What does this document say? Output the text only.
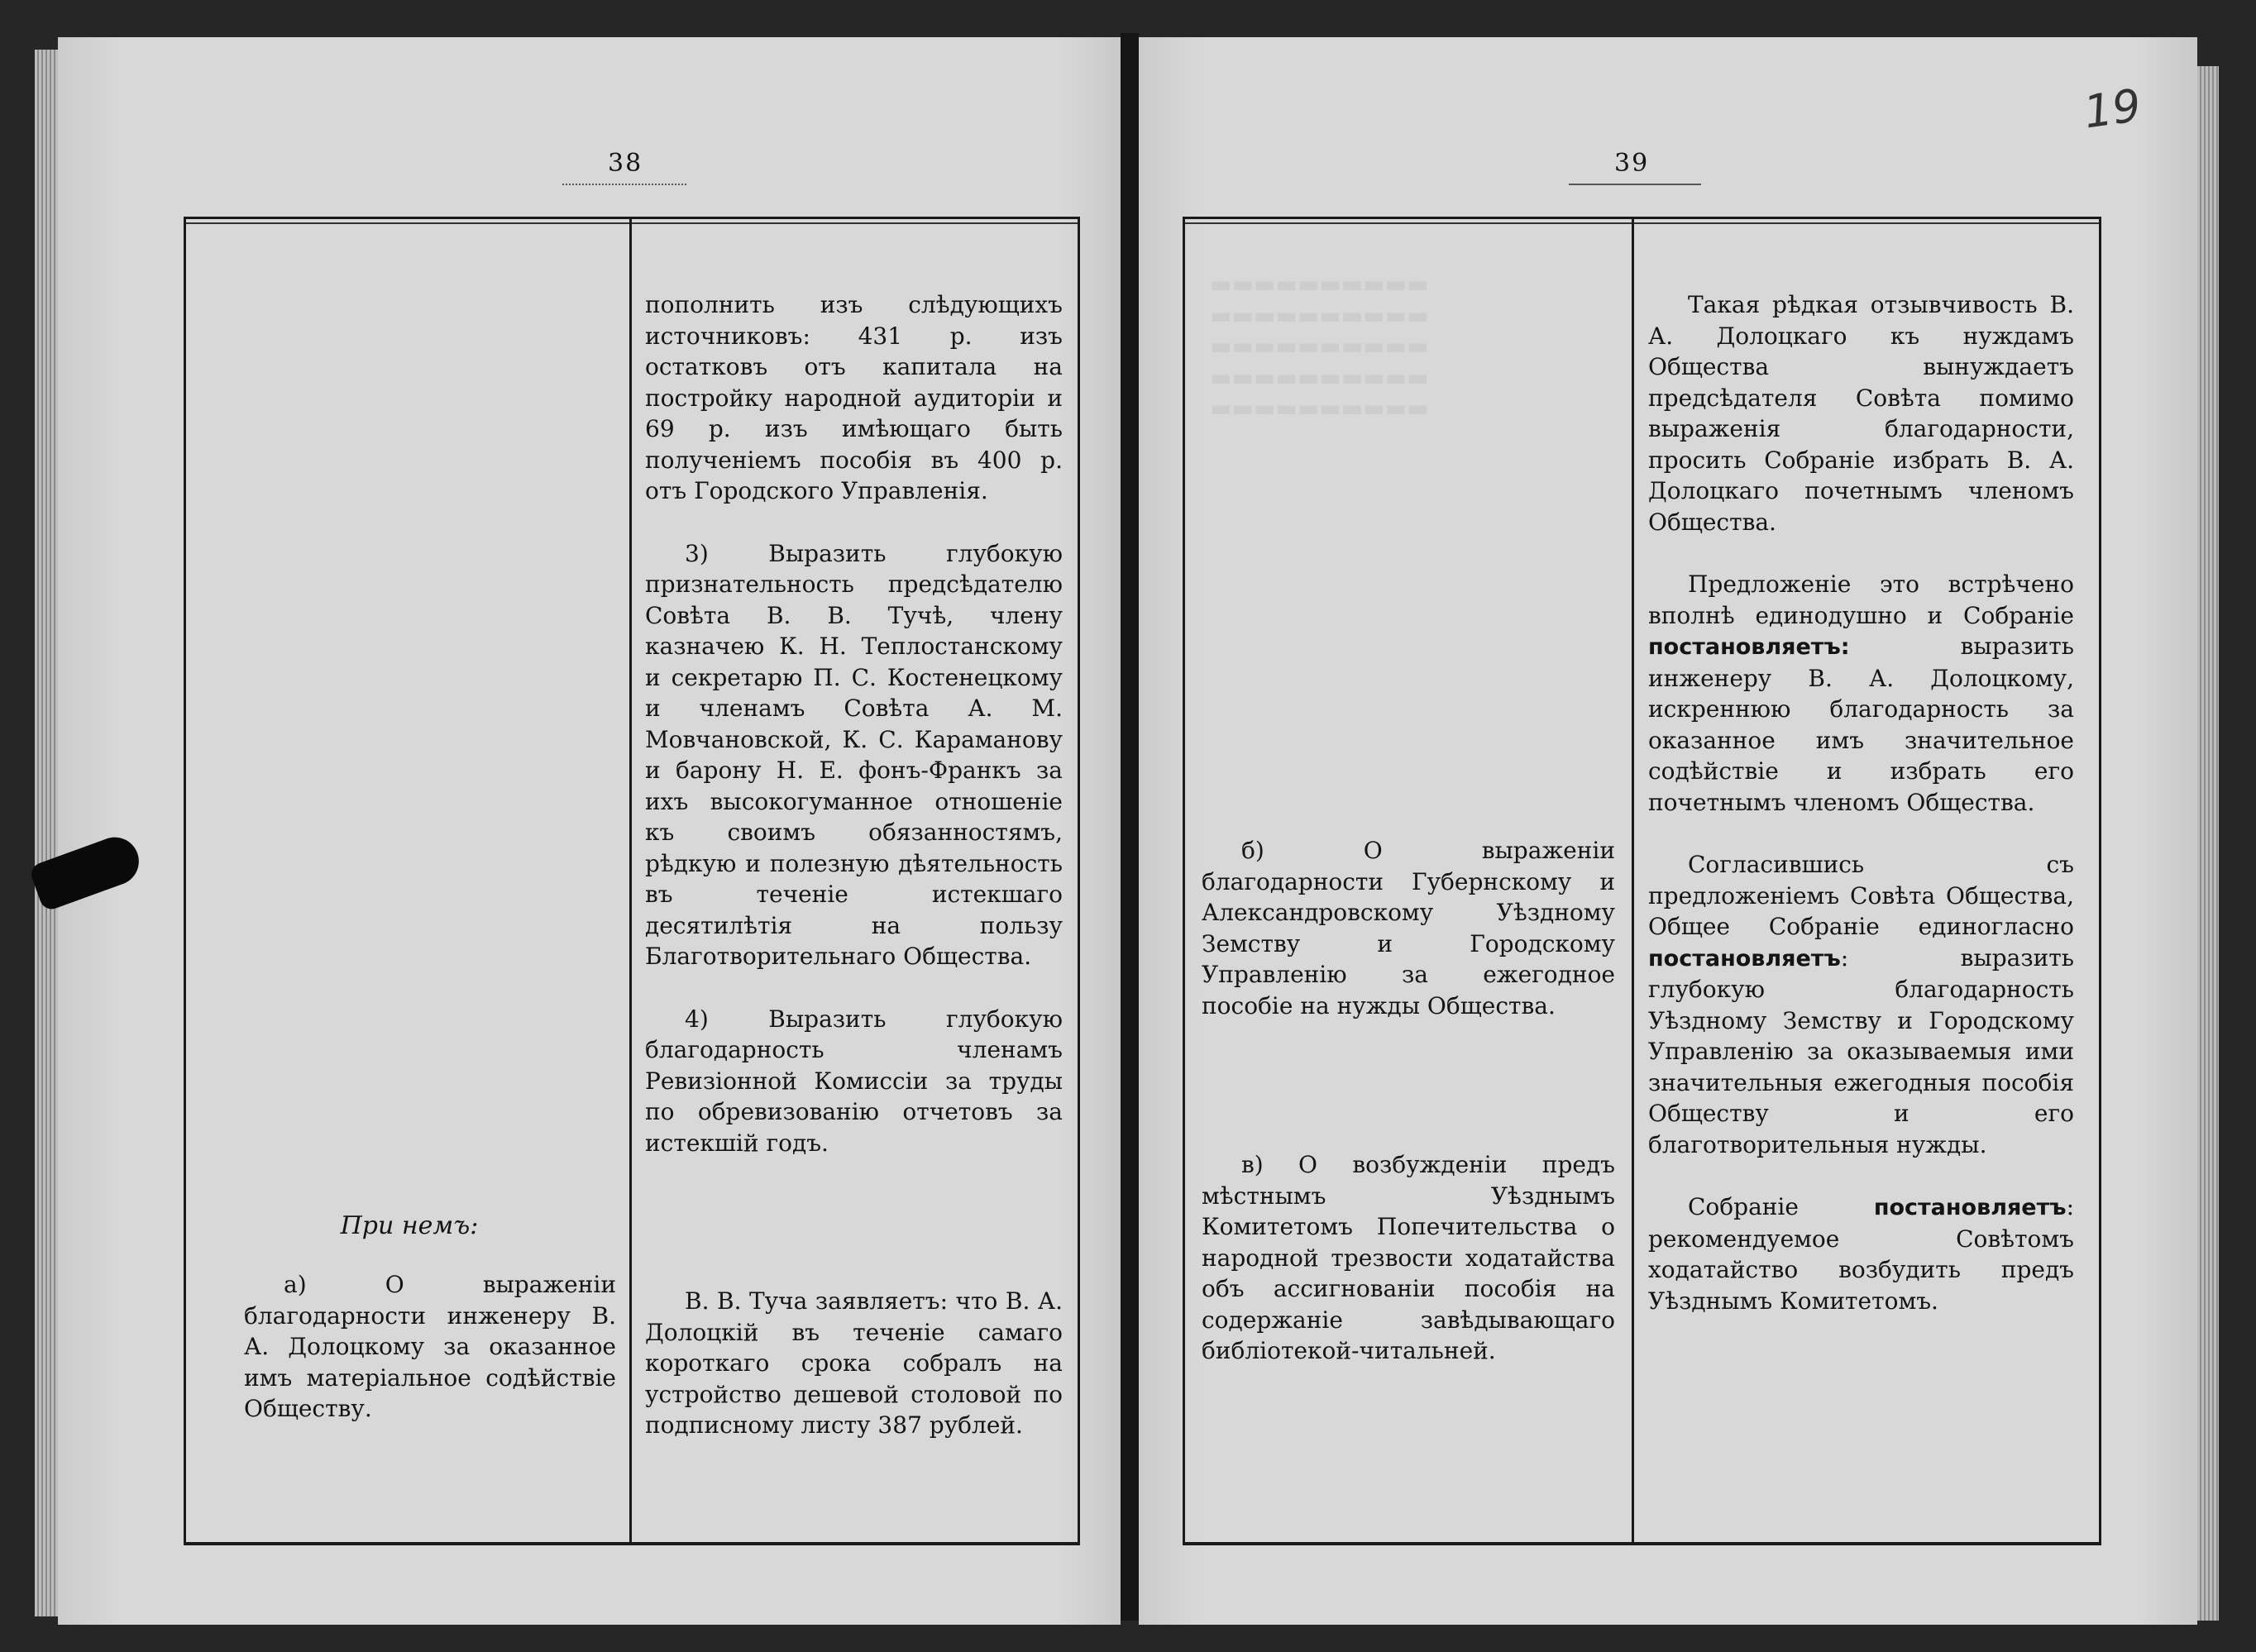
38
При немъ:

а) О выраженіи благодарности инженеру В. А. Долоцкому за оказанное имъ матеріальное содѣйствіе Обществу.

пополнить изъ слѣдующихъ источниковъ: 431 р. изъ остатковъ отъ капитала на постройку народной аудиторіи и 69 р. изъ имѣющаго быть полученіемъ пособія въ 400 р. отъ Городского Управленія.

3) Выразить глубокую признательность предсѣдателю Совѣта В. В. Тучѣ, члену казначею К. Н. Теплостанскому и секретарю П. С. Костенецкому и членамъ Совѣта А. М. Мовчановской, К. С. Караманову и барону Н. Е. фонъ-Франкъ за ихъ высокогуманное отношеніе къ своимъ обязанностямъ, рѣдкую и полезную дѣятельность въ теченіе истекшаго десятилѣтія на пользу Благотворительнаго Общества.

4) Выразить глубокую благодарность членамъ Ревизіонной Комиссіи за труды по обревизованію отчетовъ за истекшій годъ.

В. В. Туча заявляетъ: что В. А. Долоцкій въ теченіе самаго короткаго срока собралъ на устройство дешевой столовой по подписному листу 387 рублей.

39
▬▬▬▬▬▬▬▬▬▬
▬▬▬▬▬▬▬▬▬▬
▬▬▬▬▬▬▬▬▬▬
▬▬▬▬▬▬▬▬▬▬
▬▬▬▬▬▬▬▬▬▬

б) О выраженіи благодарности Губернскому и Александровскому Уѣздному Земству и Городскому Управленію за ежегодное пособіе на нужды Общества.

в) О возбужденіи предъ мѣстнымъ Уѣзднымъ Комитетомъ Попечительства о народной трезвости ходатайства объ ассигнованіи пособія на содержаніе завѣдывающаго библіотекой-читальней.

Такая рѣдкая отзывчивость В. А. Долоцкаго къ нуждамъ Общества вынуждаетъ предсѣдателя Совѣта помимо выраженія благодарности, просить Собраніе избрать В. А. Долоцкаго почетнымъ членомъ Общества.

Предложеніе это встрѣчено вполнѣ единодушно и Собраніе постановляетъ: выразить инженеру В. А. Долоцкому, искреннюю благодарность за оказанное имъ значительное содѣйствіе и избрать его почетнымъ членомъ Общества.

Согласившись съ предложеніемъ Совѣта Общества, Общее Собраніе единогласно постановляетъ: выразить глубокую благодарность Уѣздному Земству и Городскому Управленію за оказываемыя ими значительныя ежегодныя пособія Обществу и его благотворительныя нужды.

Собраніе постановляетъ: рекомендуемое Совѣтомъ ходатайство возбудить предъ Уѣзднымъ Комитетомъ.

19
